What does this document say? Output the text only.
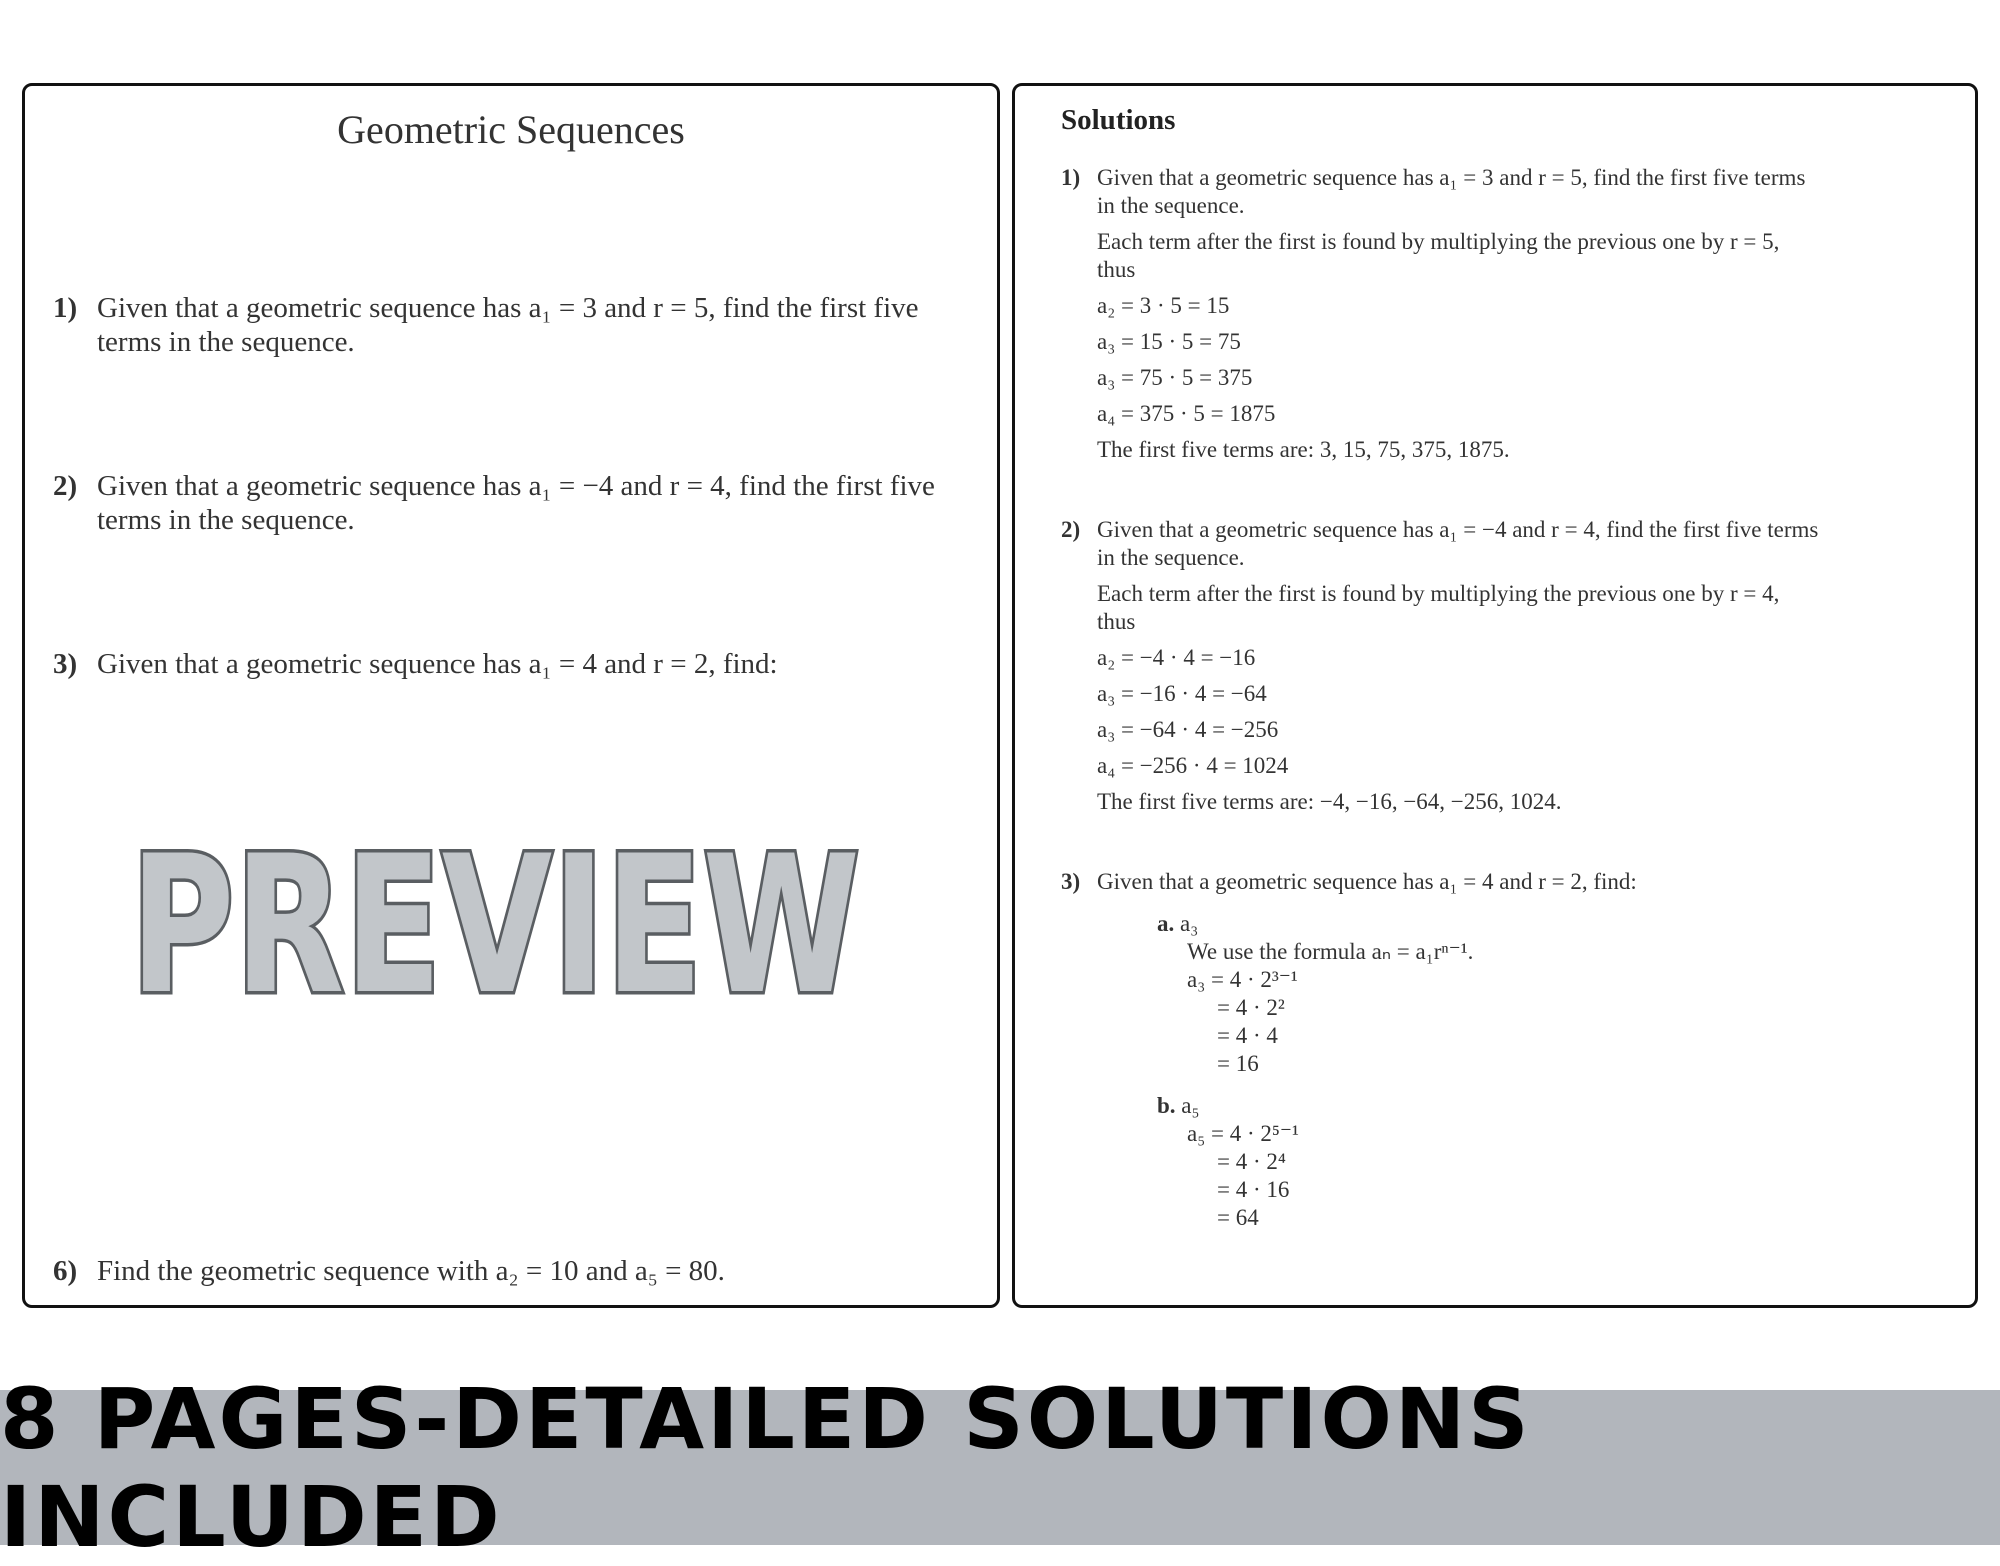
Geometric Sequences
1) Given that a geometric sequence has a₁ = 3 and r = 5, find the first five terms in the sequence.
2) Given that a geometric sequence has a₁ = −4 and r = 4, find the first five terms in the sequence.
3) Given that a geometric sequence has a₁ = 4 and r = 2, find:
PREVIEW
6) Find the geometric sequence with a₂ = 10 and a₅ = 80.
Solutions
1) Given that a geometric sequence has a₁ = 3 and r = 5, find the first five terms in the sequence.
Each term after the first is found by multiplying the previous one by r = 5, thus
a₂ = 3 · 5 = 15
a₃ = 15 · 5 = 75
a₃ = 75 · 5 = 375
a₄ = 375 · 5 = 1875
The first five terms are: 3, 15, 75, 375, 1875.
2) Given that a geometric sequence has a₁ = −4 and r = 4, find the first five terms in the sequence.
Each term after the first is found by multiplying the previous one by r = 4, thus
a₂ = −4 · 4 = −16
a₃ = −16 · 4 = −64
a₃ = −64 · 4 = −256
a₄ = −256 · 4 = 1024
The first five terms are: −4, −16, −64, −256, 1024.
3) Given that a geometric sequence has a₁ = 4 and r = 2, find:
a. a₃
We use the formula aₙ = a₁rⁿ⁻¹.
a₃ = 4 · 2³⁻¹
= 4 · 2²
= 4 · 4
= 16
b. a₅
a₅ = 4 · 2⁵⁻¹
= 4 · 2⁴
= 4 · 16
= 64
8 PAGES-DETAILED SOLUTIONS INCLUDED
